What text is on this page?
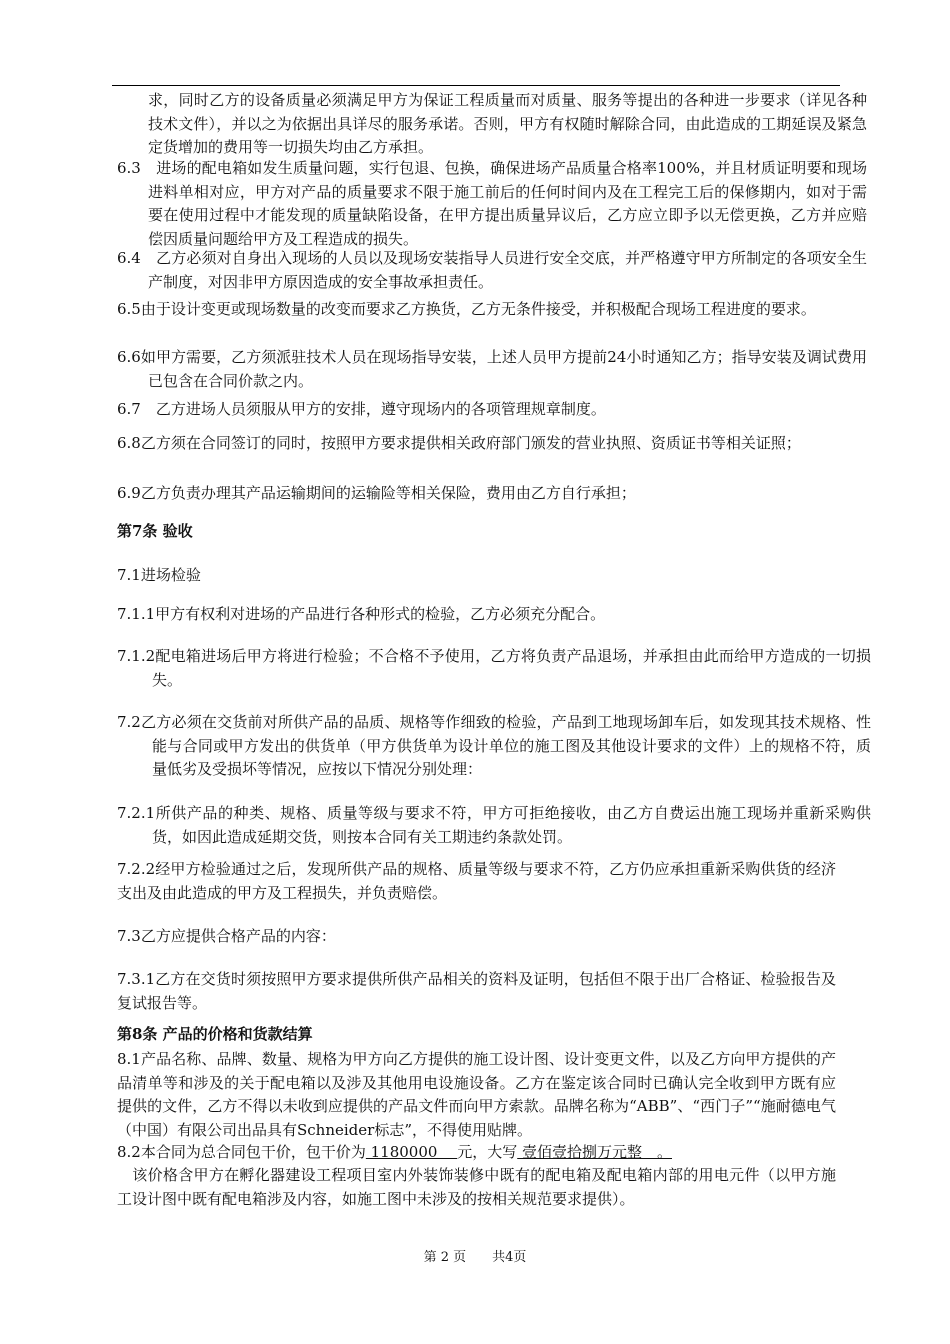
求，同时乙方的设备质量必须满足甲方为保证工程质量而对质量、服务等提出的各种进一步要求（详见各种技术文件），并以之为依据出具详尽的服务承诺。否则，甲方有权随时解除合同，由此造成的工期延误及紧急定货增加的费用等一切损失均由乙方承担。
6.3　进场的配电箱如发生质量问题，实行包退、包换，确保进场产品质量合格率100%，并且材质证明要和现场进料单相对应，甲方对产品的质量要求不限于施工前后的任何时间内及在工程完工后的保修期内，如对于需要在使用过程中才能发现的质量缺陷设备，在甲方提出质量异议后，乙方应立即予以无偿更换，乙方并应赔偿因质量问题给甲方及工程造成的损失。
6.4　乙方必须对自身出入现场的人员以及现场安装指导人员进行安全交底，并严格遵守甲方所制定的各项安全生产制度，对因非甲方原因造成的安全事故承担责任。
6.5由于设计变更或现场数量的改变而要求乙方换货，乙方无条件接受，并积极配合现场工程进度的要求。
6.6如甲方需要，乙方须派驻技术人员在现场指导安装，上述人员甲方提前24小时通知乙方；指导安装及调试费用已包含在合同价款之内。
6.7　乙方进场人员须服从甲方的安排，遵守现场内的各项管理规章制度。
6.8乙方须在合同签订的同时，按照甲方要求提供相关政府部门颁发的营业执照、资质证书等相关证照；
6.9乙方负责办理其产品运输期间的运输险等相关保险，费用由乙方自行承担；
第7条 验收
7.1进场检验
7.1.1甲方有权利对进场的产品进行各种形式的检验，乙方必须充分配合。
7.1.2配电箱进场后甲方将进行检验；不合格不予使用，乙方将负责产品退场，并承担由此而给甲方造成的一切损失。
7.2乙方必须在交货前对所供产品的品质、规格等作细致的检验，产品到工地现场卸车后，如发现其技术规格、性能与合同或甲方发出的供货单（甲方供货单为设计单位的施工图及其他设计要求的文件）上的规格不符，质量低劣及受损坏等情况，应按以下情况分别处理：
7.2.1所供产品的种类、规格、质量等级与要求不符，甲方可拒绝接收，由乙方自费运出施工现场并重新采购供货，如因此造成延期交货，则按本合同有关工期违约条款处罚。
7.2.2经甲方检验通过之后，发现所供产品的规格、质量等级与要求不符，乙方仍应承担重新采购供货的经济支出及由此造成的甲方及工程损失，并负责赔偿。
7.3乙方应提供合格产品的内容：
7.3.1乙方在交货时须按照甲方要求提供所供产品相关的资料及证明，包括但不限于出厂合格证、检验报告及复试报告等。
第8条 产品的价格和货款结算
8.1产品名称、品牌、数量、规格为甲方向乙方提供的施工设计图、设计变更文件，以及乙方向甲方提供的产品清单等和涉及的关于配电箱以及涉及其他用电设施设备。乙方在鉴定该合同时已确认完全收到甲方既有应提供的文件，乙方不得以未收到应提供的产品文件而向甲方索款。品牌名称为“ABB”、“西门子”“施耐德电气（中国）有限公司出品具有Schneider标志”，不得使用贴牌。
8.2本合同为总合同包干价，包干价为 1180000　 元，大写 壹佰壹拾捌万元整　。
　该价格含甲方在孵化器建设工程项目室内外装饰装修中既有的配电箱及配电箱内部的用电元件（以甲方施工设计图中既有配电箱涉及内容，如施工图中未涉及的按相关规范要求提供）。
第 2 页　　共4页
